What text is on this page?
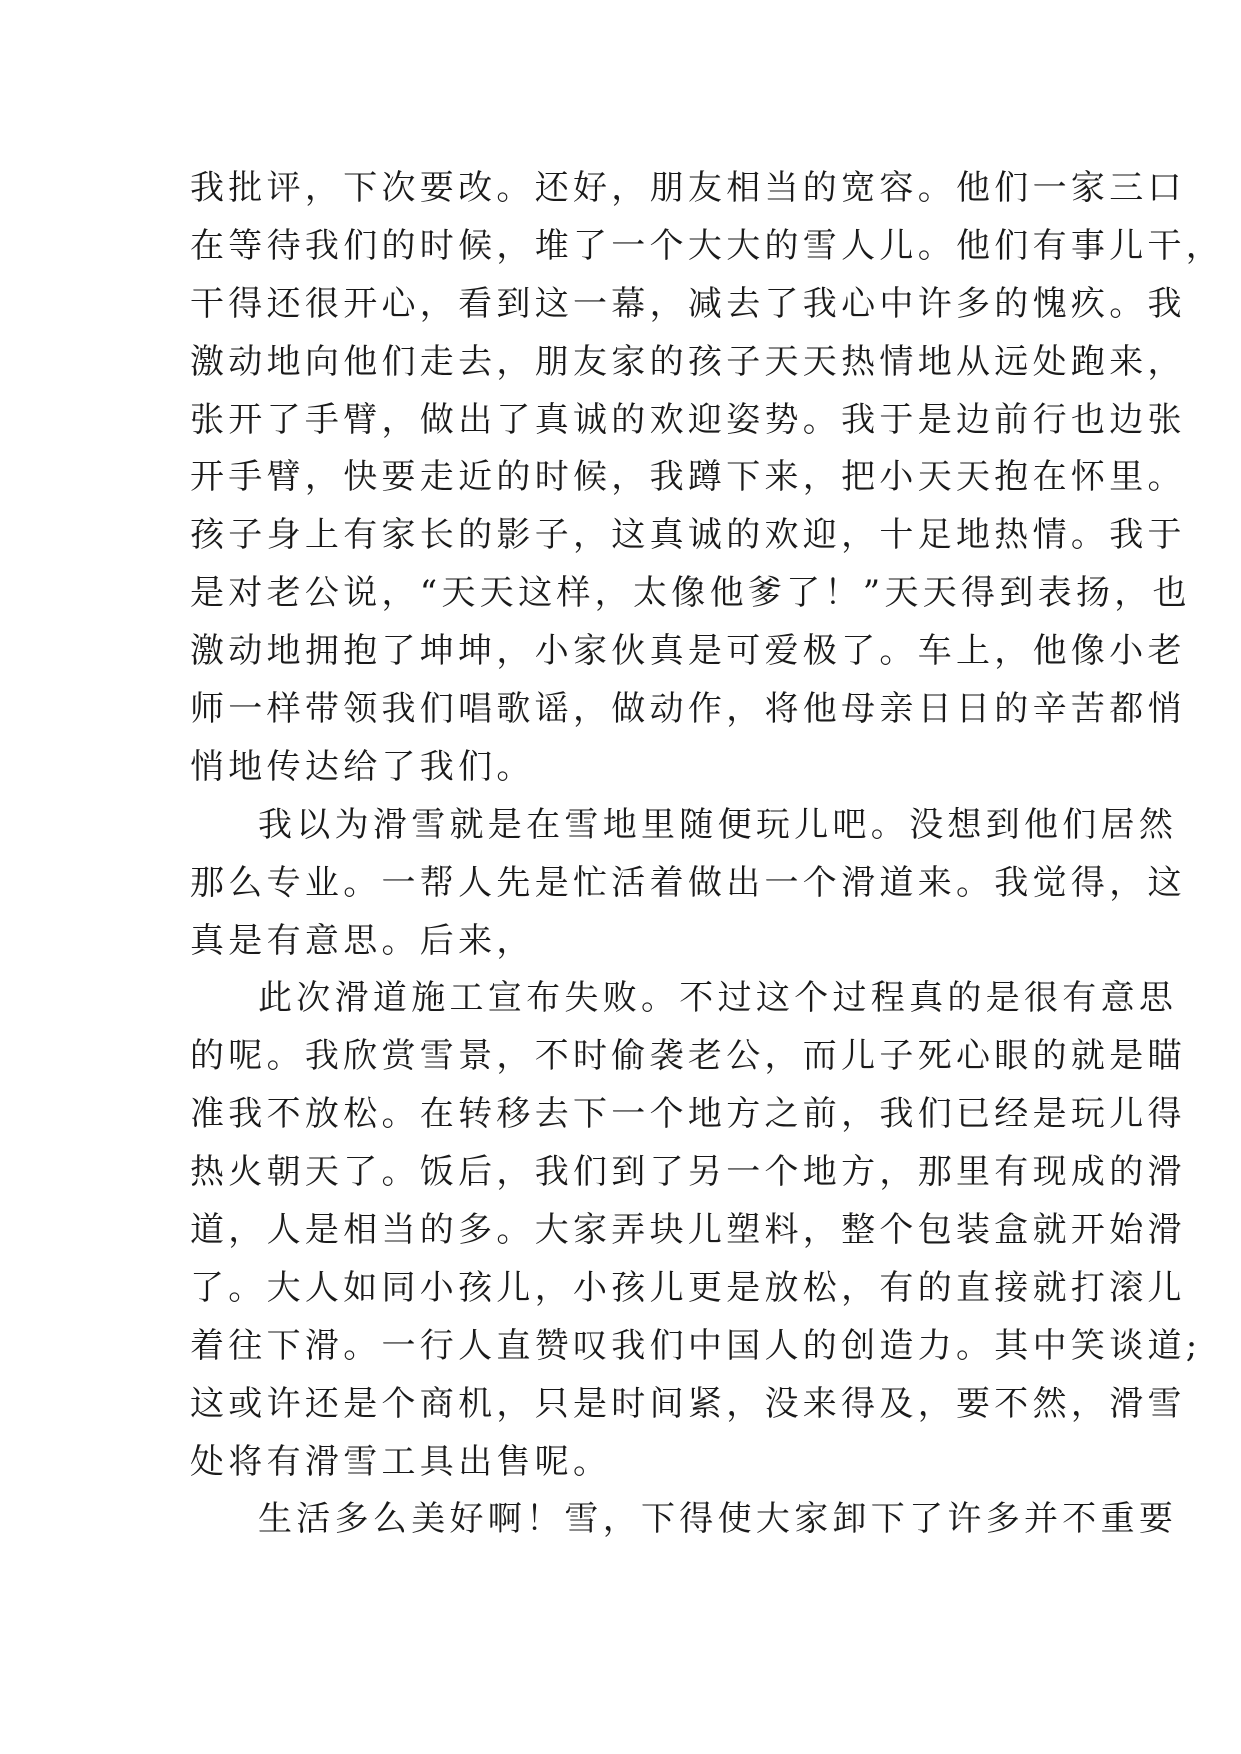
我批评，下次要改。还好，朋友相当的宽容。他们一家三口
在等待我们的时候，堆了一个大大的雪人儿。他们有事儿干，
干得还很开心，看到这一幕，减去了我心中许多的愧疚。我
激动地向他们走去，朋友家的孩子天天热情地从远处跑来，
张开了手臂，做出了真诚的欢迎姿势。我于是边前行也边张
开手臂，快要走近的时候，我蹲下来，把小天天抱在怀里。
孩子身上有家长的影子，这真诚的欢迎，十足地热情。我于
是对老公说，“天天这样，太像他爹了！”天天得到表扬，也
激动地拥抱了坤坤，小家伙真是可爱极了。车上，他像小老
师一样带领我们唱歌谣，做动作，将他母亲日日的辛苦都悄
悄地传达给了我们。
我以为滑雪就是在雪地里随便玩儿吧。没想到他们居然
那么专业。一帮人先是忙活着做出一个滑道来。我觉得，这
真是有意思。后来，
此次滑道施工宣布失败。不过这个过程真的是很有意思
的呢。我欣赏雪景，不时偷袭老公，而儿子死心眼的就是瞄
准我不放松。在转移去下一个地方之前，我们已经是玩儿得
热火朝天了。饭后，我们到了另一个地方，那里有现成的滑
道，人是相当的多。大家弄块儿塑料，整个包装盒就开始滑
了。大人如同小孩儿，小孩儿更是放松，有的直接就打滚儿
着往下滑。一行人直赞叹我们中国人的创造力。其中笑谈道;
这或许还是个商机，只是时间紧，没来得及，要不然，滑雪
处将有滑雪工具出售呢。
生活多么美好啊！雪，下得使大家卸下了许多并不重要
